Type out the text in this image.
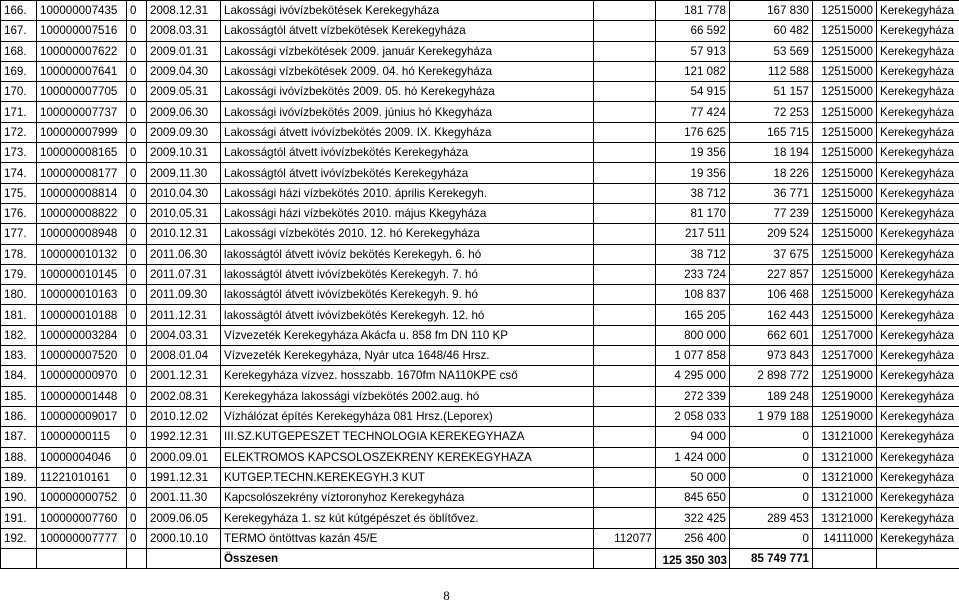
166.	100000007435	0	2008.12.31	Lakossági ivóvízbekötések Kerekegyháza		181 778	167 830	12515000	Kerekegyháza
167.	100000007516	0	2008.03.31	Lakosságtól átvett vízbekötések Kerekegyháza		66 592	60 482	12515000	Kerekegyháza
168.	100000007622	0	2009.01.31	Lakossági vízbekötések 2009. január Kerekegyháza		57 913	53 569	12515000	Kerekegyháza
169.	100000007641	0	2009.04.30	Lakossági vízbekötések 2009. 04. hó Kerekegyháza		121 082	112 588	12515000	Kerekegyháza
170.	100000007705	0	2009.05.31	Lakossági ivóvízbekötés 2009. 05. hó Kerekegyháza		54 915	51 157	12515000	Kerekegyháza
171.	100000007737	0	2009.06.30	Lakossági ivóvízbekötés 2009. június hó Kkegyháza		77 424	72 253	12515000	Kerekegyháza
172.	100000007999	0	2009.09.30	Lakossági átvett ivóvízbekötés 2009. IX. Kkegyháza		176 625	165 715	12515000	Kerekegyháza
173.	100000008165	0	2009.10.31	Lakosságtól átvett ivóvízbekötés Kerekegyháza		19 356	18 194	12515000	Kerekegyháza
174.	100000008177	0	2009.11.30	Lakosságtól átvett ivóvízbekötés Kerekegyháza		19 356	18 226	12515000	Kerekegyháza
175.	100000008814	0	2010.04.30	Lakossági házi vízbekötés 2010. április Kerekegyh.		38 712	36 771	12515000	Kerekegyháza
176.	100000008822	0	2010.05.31	Lakossági házi vízbekötés 2010. május Kkegyháza		81 170	77 239	12515000	Kerekegyháza
177.	100000008948	0	2010.12.31	Lakossági vízbekötés 2010. 12. hó Kerekegyháza		217 511	209 524	12515000	Kerekegyháza
178.	100000010132	0	2011.06.30	lakosságtól átvett ivóvíz bekötés Kerekegyh. 6. hó		38 712	37 675	12515000	Kerekegyháza
179.	100000010145	0	2011.07.31	lakosságtól átvett ivóvízbekötés Kerekegyh. 7. hó		233 724	227 857	12515000	Kerekegyháza
180.	100000010163	0	2011.09.30	lakosságtól átvett ivóvízbekötés Kerekegyh. 9. hó		108 837	106 468	12515000	Kerekegyháza
181.	100000010188	0	2011.12.31	lakosságtól átvett ivóvízbekötés Kerekegyh. 12. hó		165 205	162 443	12515000	Kerekegyháza
182.	100000003284	0	2004.03.31	Vízvezeték Kerekegyháza Akácfa u. 858 fm DN 110 KP		800 000	662 601	12517000	Kerekegyháza
183.	100000007520	0	2008.01.04	Vízvezeték Kerekegyháza, Nyár utca 1648/46 Hrsz.		1 077 858	973 843	12517000	Kerekegyháza
184.	100000000970	0	2001.12.31	Kerekegyháza vízvez. hosszabb. 1670fm NA110KPE cső		4 295 000	2 898 772	12519000	Kerekegyháza
185.	100000001448	0	2002.08.31	Kerekegyháza lakossági vízbekötés 2002.aug. hó		272 339	189 248	12519000	Kerekegyháza
186.	100000009017	0	2010.12.02	Vízhálózat építés Kerekegyháza 081 Hrsz.(Leporex)		2 058 033	1 979 188	12519000	Kerekegyháza
187.	10000000115	0	1992.12.31	III.SZ.KUTGEPESZET TECHNOLOGIA KEREKEGYHAZA		94 000	0	13121000	Kerekegyháza
188.	10000004046	0	2000.09.01	ELEKTROMOS KAPCSOLOSZEKRENY KEREKEGYHAZA		1 424 000	0	13121000	Kerekegyháza
189.	11221010161	0	1991.12.31	KUTGEP.TECHN.KEREKEGYH.3 KUT		50 000	0	13121000	Kerekegyháza
190.	100000000752	0	2001.11.30	Kapcsolószekrény víztoronyhoz Kerekegyháza		845 650	0	13121000	Kerekegyháza
191.	100000007760	0	2009.06.05	Kerekegyháza 1. sz kút kútgépészet és öblítővez.		322 425	289 453	13121000	Kerekegyháza
192.	100000007777	0	2000.10.10	TERMO öntöttvas kazán 45/E	112077	256 400	0	14111000	Kerekegyháza
				Összesen		125 350 303	85 749 771		
8
